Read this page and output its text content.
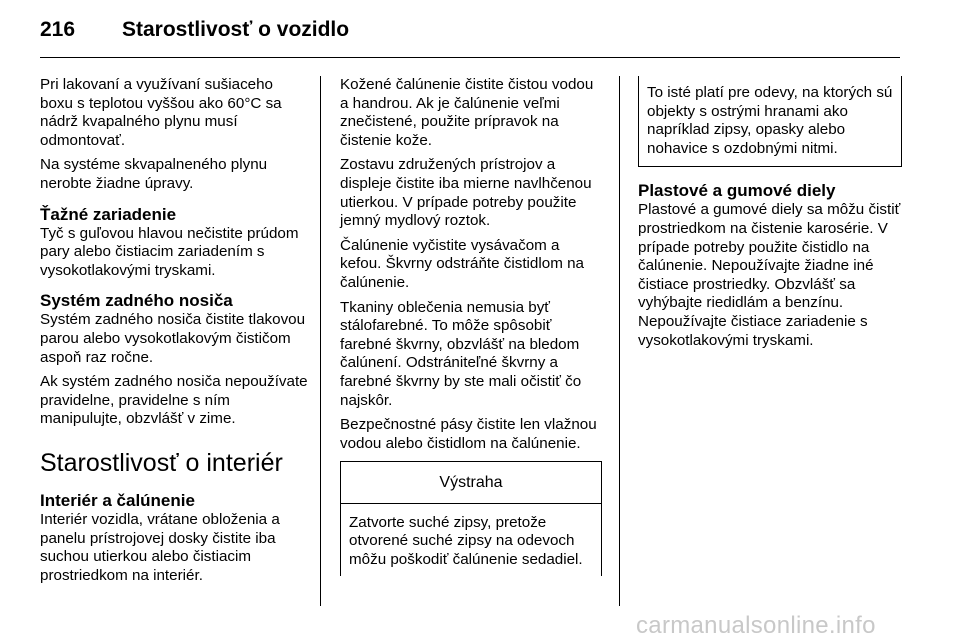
216	Starostlivosť o vozidlo

Pri lakovaní a využívaní sušiaceho boxu s teplotou vyššou ako 60°C sa nádrž kvapalného plynu musí odmontovať.

Na systéme skvapalneného plynu nerobte žiadne úpravy.

Ťažné zariadenie

Tyč s guľovou hlavou nečistite prúdom pary alebo čistiacim zariadením s vysokotlakovými tryskami.

Systém zadného nosiča

Systém zadného nosiča čistite tlakovou parou alebo vysokotlakovým čističom aspoň raz ročne.

Ak systém zadného nosiča nepoužívate pravidelne, pravidelne s ním manipulujte, obzvlášť v zime.

Starostlivosť o interiér
Interiér a čalúnenie

Interiér vozidla, vrátane obloženia a panelu prístrojovej dosky čistite iba suchou utierkou alebo čistiacim prostriedkom na interiér.

Kožené čalúnenie čistite čistou vodou a handrou. Ak je čalúnenie veľmi znečistené, použite prípravok na čistenie kože.

Zostavu združených prístrojov a displeje čistite iba mierne navlhčenou utierkou. V prípade potreby použite jemný mydlový roztok.

Čalúnenie vyčistite vysávačom a kefou. Škvrny odstráňte čistidlom na čalúnenie.

Tkaniny oblečenia nemusia byť stálofarebné. To môže spôsobiť farebné škvrny, obzvlášť na bledom čalúnení. Odstrániteľné škvrny a farebné škvrny by ste mali očistiť čo najskôr.

Bezpečnostné pásy čistite len vlažnou vodou alebo čistidlom na čalúnenie.

Výstraha
Zatvorte suché zipsy, pretože otvorené suché zipsy na odevoch môžu poškodiť čalúnenie sedadiel.
To isté platí pre odevy, na ktorých sú objekty s ostrými hranami ako napríklad zipsy, opasky alebo nohavice s ozdobnými nitmi.
Plastové a gumové diely

Plastové a gumové diely sa môžu čistiť prostriedkom na čistenie karosérie. V prípade potreby použite čistidlo na čalúnenie. Nepoužívajte žiadne iné čistiace prostriedky. Obzvlášť sa vyhýbajte riedidlám a benzínu. Nepoužívajte čistiace zariadenie s vysokotlakovými tryskami.

carmanualsonline.info
